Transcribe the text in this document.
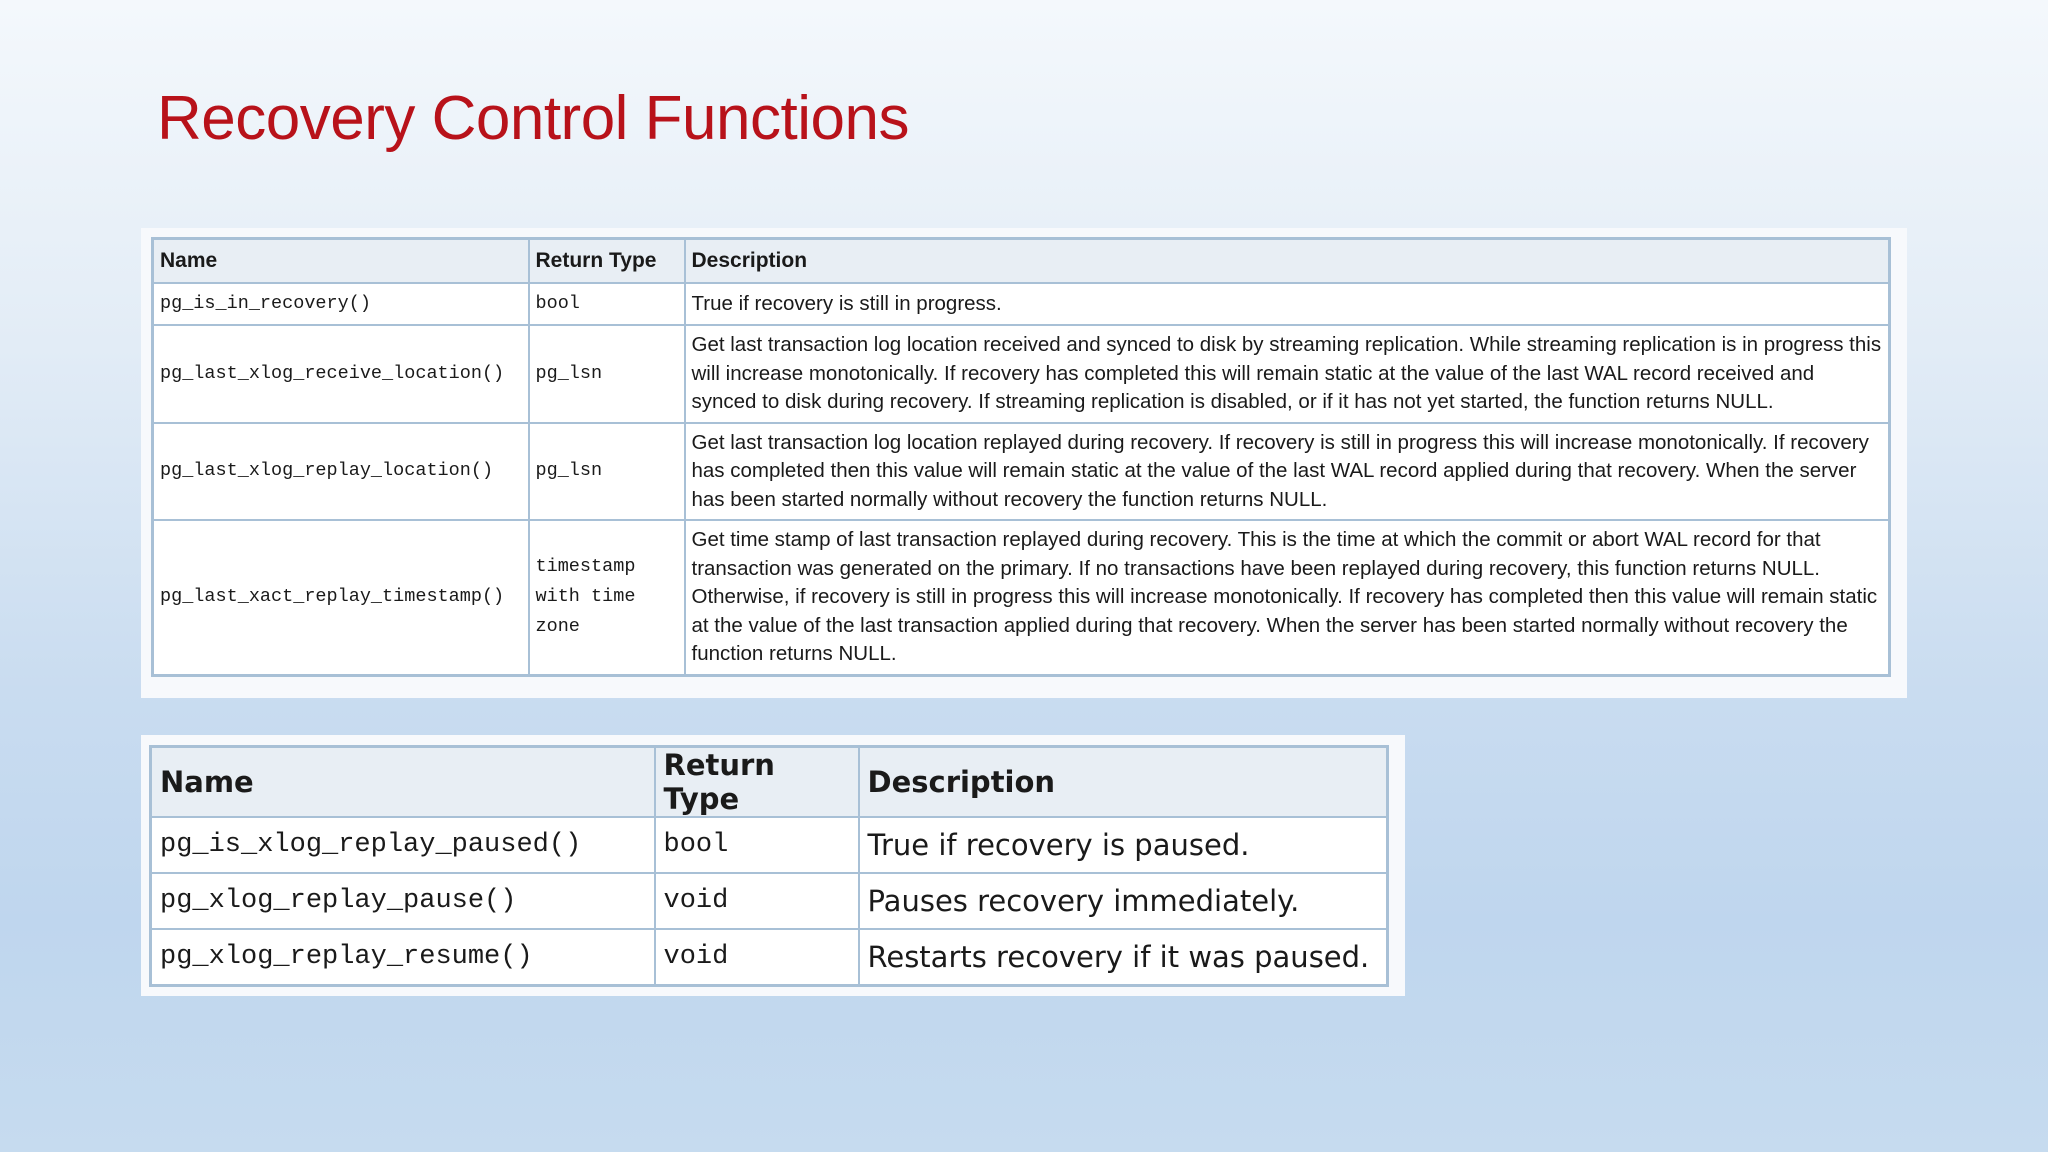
Recovery Control Functions
Name	Return Type	Description
pg_is_in_recovery()	bool	True if recovery is still in progress.
pg_last_xlog_receive_location()	pg_lsn	Get last transaction log location received and synced to disk by streaming replication. While streaming replication is in progress this will increase monotonically. If recovery has completed this will remain static at the value of the last WAL record received and synced to disk during recovery. If streaming replication is disabled, or if it has not yet started, the function returns NULL.
pg_last_xlog_replay_location()	pg_lsn	Get last transaction log location replayed during recovery. If recovery is still in progress this will increase monotonically. If recovery has completed then this value will remain static at the value of the last WAL record applied during that recovery. When the server has been started normally without recovery the function returns NULL.
pg_last_xact_replay_timestamp()	timestamp with time zone	Get time stamp of last transaction replayed during recovery. This is the time at which the commit or abort WAL record for that transaction was generated on the primary. If no transactions have been replayed during recovery, this function returns NULL. Otherwise, if recovery is still in progress this will increase monotonically. If recovery has completed then this value will remain static at the value of the last transaction applied during that recovery. When the server has been started normally without recovery the function returns NULL.
Name	Return Type	Description
pg_is_xlog_replay_paused()	bool	True if recovery is paused.
pg_xlog_replay_pause()	void	Pauses recovery immediately.
pg_xlog_replay_resume()	void	Restarts recovery if it was paused.
